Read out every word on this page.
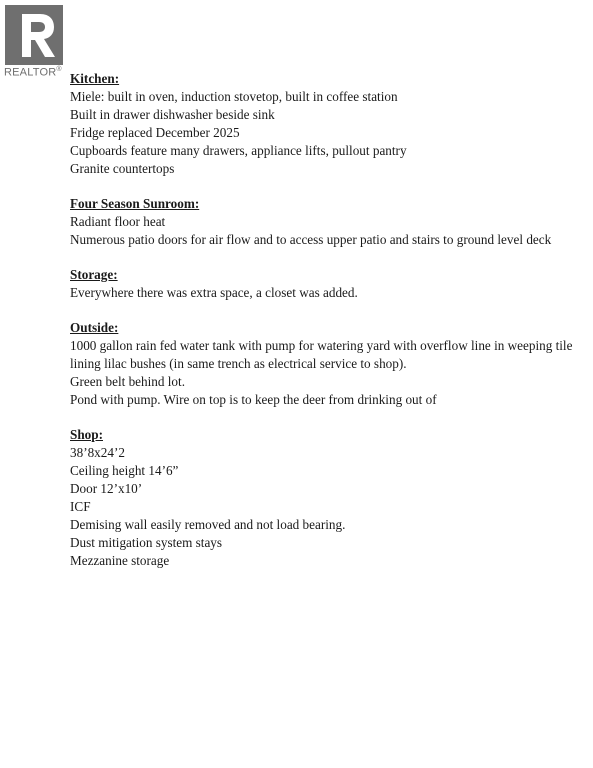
REALTOR®
Kitchen:
Miele: built in oven, induction stovetop, built in coffee station
Built in drawer dishwasher beside sink
Fridge replaced December 2025
Cupboards feature many drawers, appliance lifts, pullout pantry
Granite countertops
Four Season Sunroom:
Radiant floor heat
Numerous patio doors for air flow and to access upper patio and stairs to ground level deck
Storage:
Everywhere there was extra space, a closet was added.
Outside:
1000 gallon rain fed water tank with pump for watering yard with overflow line in weeping tile lining lilac bushes (in same trench as electrical service to shop).
Green belt behind lot.
Pond with pump. Wire on top is to keep the deer from drinking out of
Shop:
38’8x24’2
Ceiling height 14’6”
Door 12’x10’
ICF
Demising wall easily removed and not load bearing.
Dust mitigation system stays
Mezzanine storage
